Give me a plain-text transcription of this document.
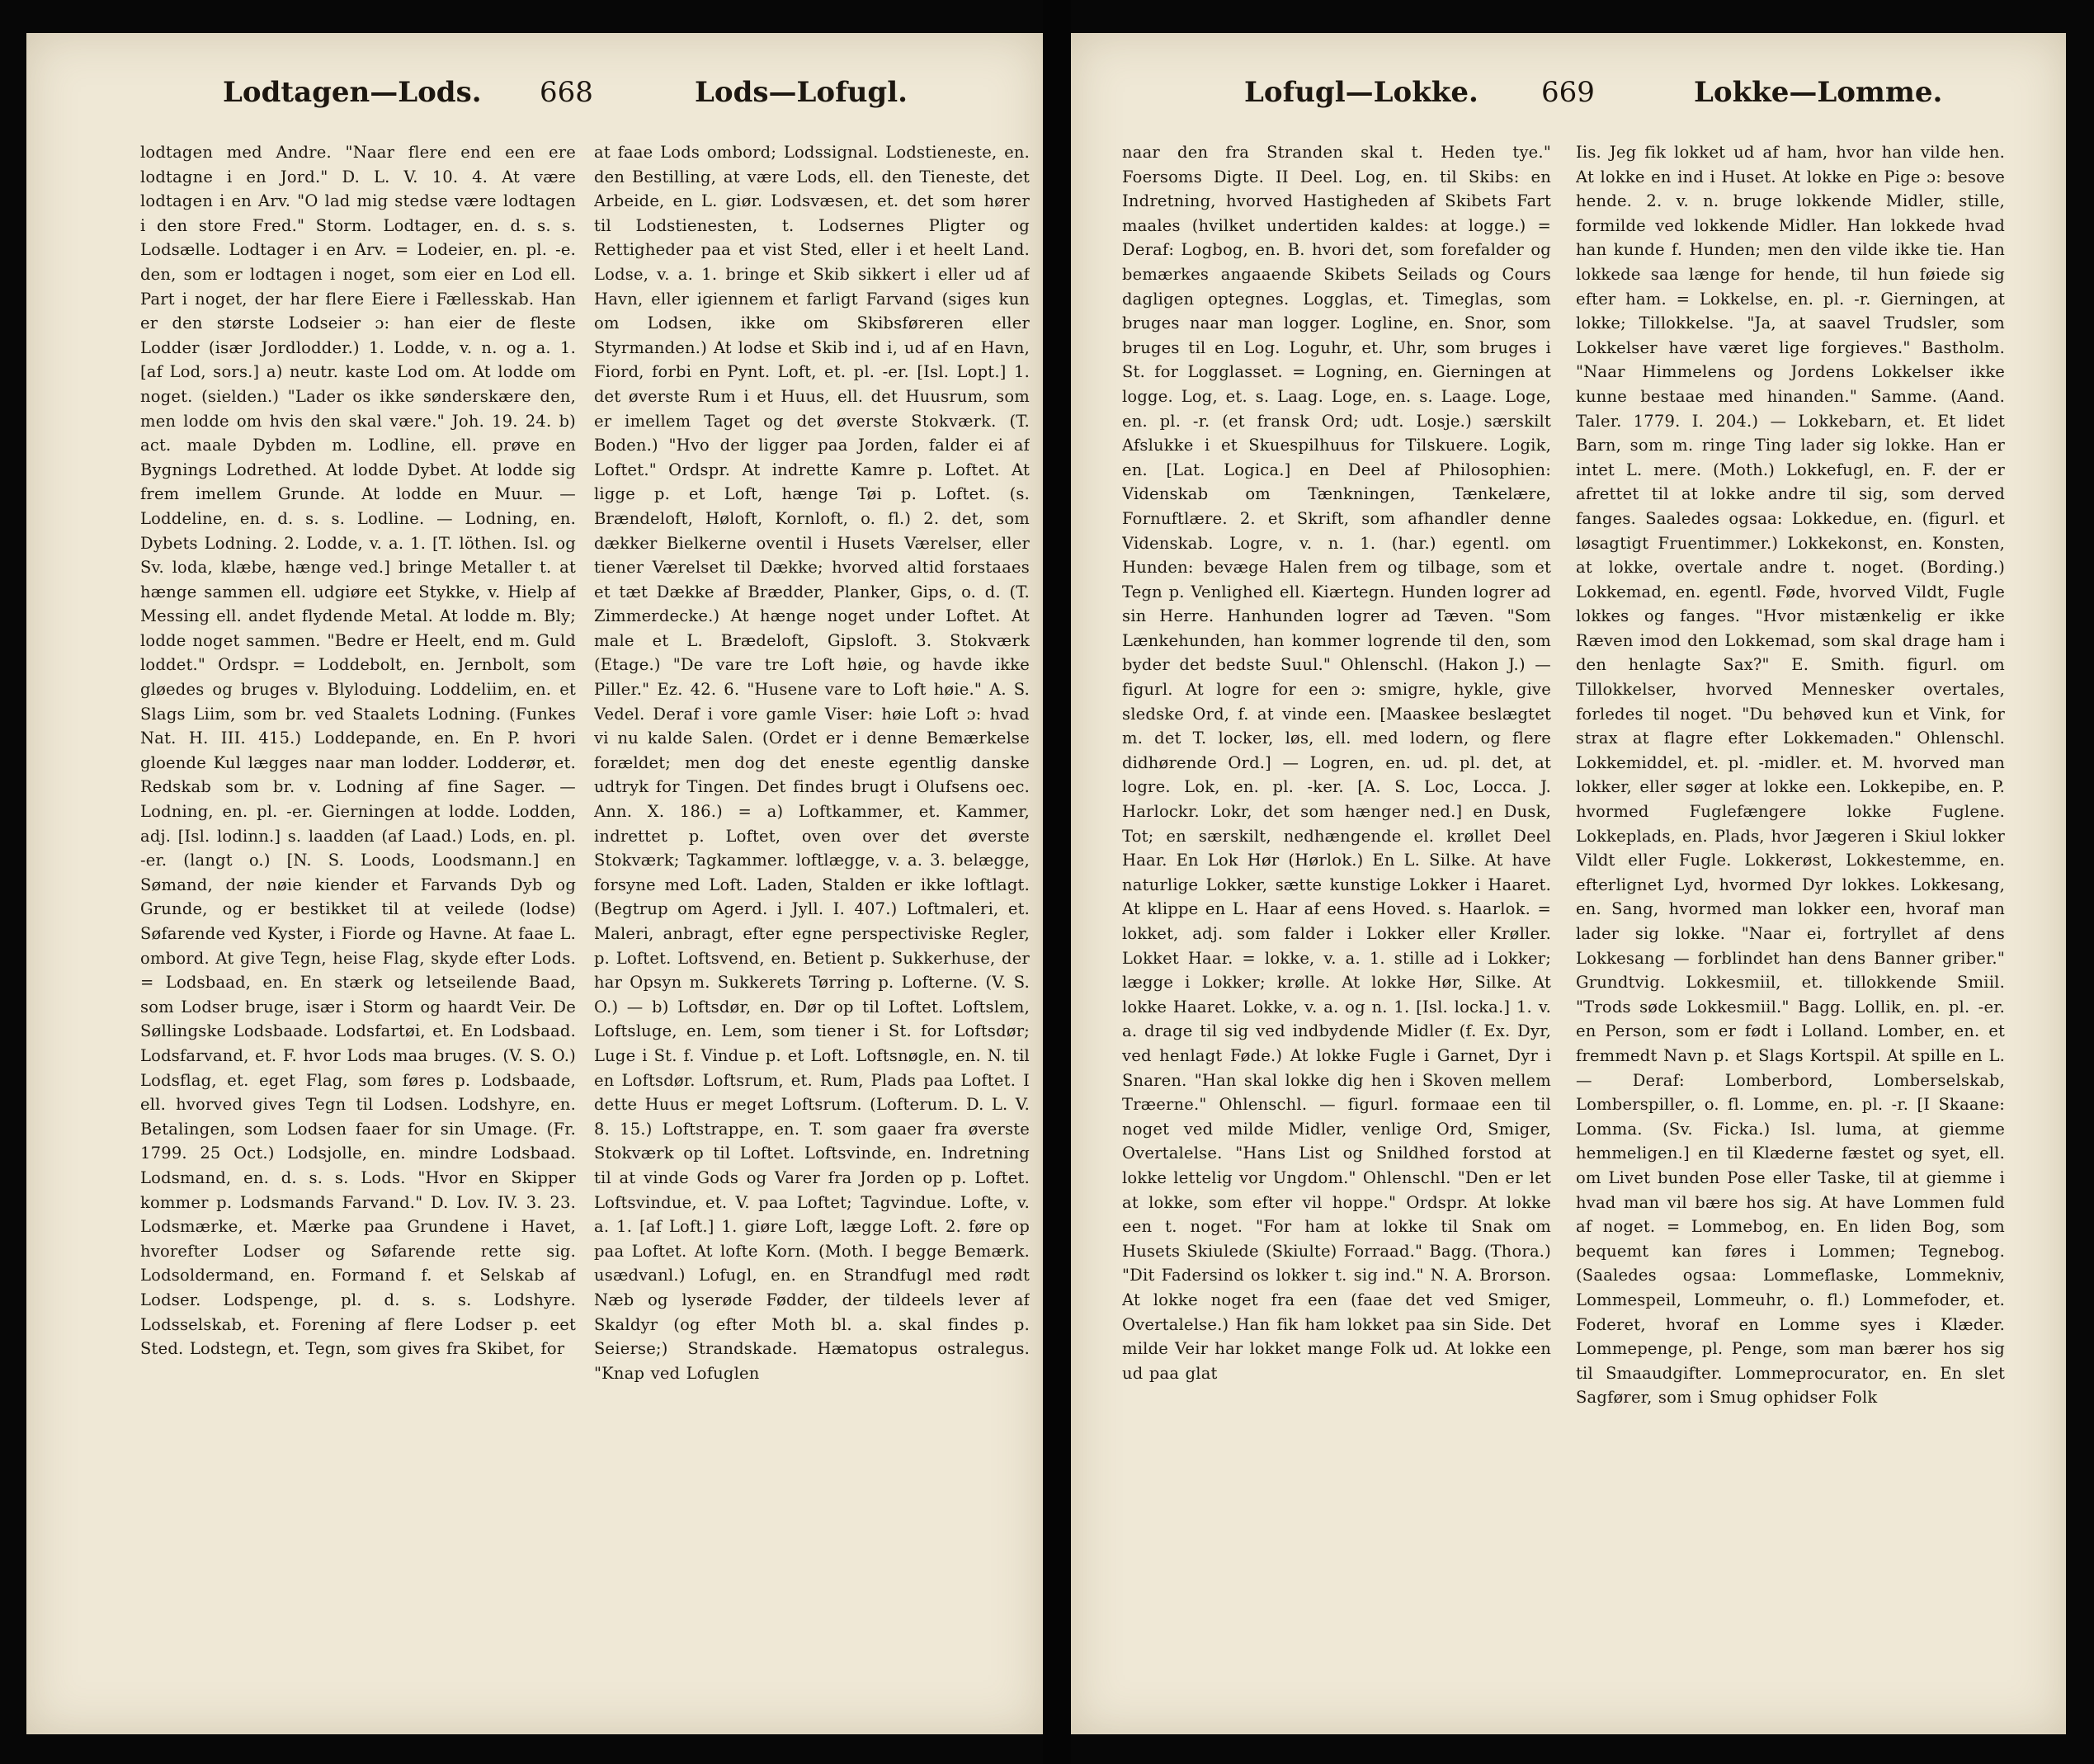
Lodtagen—Lods. 668	Lods—Lofugl.

lodtagen med Andre. "Naar flere end een ere lodtagne i en Jord." D. L. V. 10. 4. At være lodtagen i en Arv. "O lad mig stedse være lodtagen i den store Fred." Storm. Lodtager, en. d. s. s. Lodsælle. Lodtager i en Arv. = Lodeier, en. pl. -e. den, som er lodtagen i noget, som eier en Lod ell. Part i noget, der har flere Eiere i Fællesskab. Han er den største Lodseier ɔ: han eier de fleste Lodder (især Jordlodder.) 1. Lodde, v. n. og a. 1. [af Lod, sors.] a) neutr. kaste Lod om. At lodde om noget. (sielden.) "Lader os ikke sønderskære den, men lodde om hvis den skal være." Joh. 19. 24. b) act. maale Dybden m. Lodline, ell. prøve en Bygnings Lodrethed. At lodde Dybet. At lodde sig frem imellem Grunde. At lodde en Muur. — Loddeline, en. d. s. s. Lodline. — Lodning, en. Dybets Lodning. 2. Lodde, v. a. 1. [T. löthen. Isl. og Sv. loda, klæbe, hænge ved.] bringe Metaller t. at hænge sammen ell. udgiøre eet Stykke, v. Hielp af Messing ell. andet flydende Metal. At lodde m. Bly; lodde noget sammen. "Bedre er Heelt, end m. Guld loddet." Ordspr. = Loddebolt, en. Jernbolt, som gløedes og bruges v. Blyloduing. Loddeliim, en. et Slags Liim, som br. ved Staalets Lodning. (Funkes Nat. H. III. 415.) Loddepande, en. En P. hvori gloende Kul lægges naar man lodder. Lodderør, et. Redskab som br. v. Lodning af fine Sager. — Lodning, en. pl. -er. Gierningen at lodde. Lodden, adj. [Isl. lodinn.] s. laadden (af Laad.) Lods, en. pl. -er. (langt o.) [N. S. Loods, Loodsmann.] en Sømand, der nøie kiender et Farvands Dyb og Grunde, og er bestikket til at veilede (lodse) Søfarende ved Kyster, i Fiorde og Havne. At faae L. ombord. At give Tegn, heise Flag, skyde efter Lods. = Lodsbaad, en. En stærk og letseilende Baad, som Lodser bruge, især i Storm og haardt Veir. De Søllingske Lodsbaade. Lodsfartøi, et. En Lodsbaad. Lodsfarvand, et. F. hvor Lods maa bruges. (V. S. O.) Lodsflag, et. eget Flag, som føres p. Lodsbaade, ell. hvorved gives Tegn til Lodsen. Lodshyre, en. Betalingen, som Lodsen faaer for sin Umage. (Fr. 1799. 25 Oct.) Lodsjolle, en. mindre Lodsbaad. Lodsmand, en. d. s. s. Lods. "Hvor en Skipper kommer p. Lodsmands Farvand." D. Lov. IV. 3. 23. Lodsmærke, et. Mærke paa Grundene i Havet, hvorefter Lodser og Søfarende rette sig. Lodsoldermand, en. Formand f. et Selskab af Lodser. Lodspenge, pl. d. s. s. Lodshyre. Lodsselskab, et. Forening af flere Lodser p. eet Sted. Lodstegn, et. Tegn, som gives fra Skibet, for

at faae Lods ombord; Lodssignal. Lodstieneste, en. den Bestilling, at være Lods, ell. den Tieneste, det Arbeide, en L. giør. Lodsvæsen, et. det som hører til Lodstienesten, t. Lodsernes Pligter og Rettigheder paa et vist Sted, eller i et heelt Land. Lodse, v. a. 1. bringe et Skib sikkert i eller ud af Havn, eller igiennem et farligt Farvand (siges kun om Lodsen, ikke om Skibsføreren eller Styrmanden.) At lodse et Skib ind i, ud af en Havn, Fiord, forbi en Pynt. Loft, et. pl. -er. [Isl. Lopt.] 1. det øverste Rum i et Huus, ell. det Huusrum, som er imellem Taget og det øverste Stokværk. (T. Boden.) "Hvo der ligger paa Jorden, falder ei af Loftet." Ordspr. At indrette Kamre p. Loftet. At ligge p. et Loft, hænge Tøi p. Loftet. (s. Brændeloft, Høloft, Kornloft, o. fl.) 2. det, som dækker Bielkerne oventil i Husets Værelser, eller tiener Værelset til Dække; hvorved altid forstaaes et tæt Dække af Brædder, Planker, Gips, o. d. (T. Zimmerdecke.) At hænge noget under Loftet. At male et L. Brædeloft, Gipsloft. 3. Stokværk (Etage.) "De vare tre Loft høie, og havde ikke Piller." Ez. 42. 6. "Husene vare to Loft høie." A. S. Vedel. Deraf i vore gamle Viser: høie Loft ɔ: hvad vi nu kalde Salen. (Ordet er i denne Bemærkelse forældet; men dog det eneste egentlig danske udtryk for Tingen. Det findes brugt i Olufsens oec. Ann. X. 186.) = a) Loftkammer, et. Kammer, indrettet p. Loftet, oven over det øverste Stokværk; Tagkammer. loftlægge, v. a. 3. belægge, forsyne med Loft. Laden, Stalden er ikke loftlagt. (Begtrup om Agerd. i Jyll. I. 407.) Loftmaleri, et. Maleri, anbragt, efter egne perspectiviske Regler, p. Loftet. Loftsvend, en. Betient p. Sukkerhuse, der har Opsyn m. Sukkerets Tørring p. Lofterne. (V. S. O.) — b) Loftsdør, en. Dør op til Loftet. Loftslem, Loftsluge, en. Lem, som tiener i St. for Loftsdør; Luge i St. f. Vindue p. et Loft. Loftsnøgle, en. N. til en Loftsdør. Loftsrum, et. Rum, Plads paa Loftet. I dette Huus er meget Loftsrum. (Lofterum. D. L. V. 8. 15.) Loftstrappe, en. T. som gaaer fra øverste Stokværk op til Loftet. Loftsvinde, en. Indretning til at vinde Gods og Varer fra Jorden op p. Loftet. Loftsvindue, et. V. paa Loftet; Tagvindue. Lofte, v. a. 1. [af Loft.] 1. giøre Loft, lægge Loft. 2. føre op paa Loftet. At lofte Korn. (Moth. I begge Bemærk. usædvanl.) Lofugl, en. en Strandfugl med rødt Næb og lyserøde Fødder, der tildeels lever af Skaldyr (og efter Moth bl. a. skal findes p. Seierse;) Strandskade. Hæmatopus ostralegus. "Knap ved Lofuglen

Lofugl—Lokke. 669	Lokke—Lomme.

naar den fra Stranden skal t. Heden tye." Foersoms Digte. II Deel. Log, en. til Skibs: en Indretning, hvorved Hastigheden af Skibets Fart maales (hvilket undertiden kaldes: at logge.) = Deraf: Logbog, en. B. hvori det, som forefalder og bemærkes angaaende Skibets Seilads og Cours dagligen optegnes. Logglas, et. Timeglas, som bruges naar man logger. Logline, en. Snor, som bruges til en Log. Loguhr, et. Uhr, som bruges i St. for Logglasset. = Logning, en. Gierningen at logge. Log, et. s. Laag. Loge, en. s. Laage. Loge, en. pl. -r. (et fransk Ord; udt. Losje.) særskilt Afslukke i et Skuespilhuus for Tilskuere. Logik, en. [Lat. Logica.] en Deel af Philosophien: Videnskab om Tænkningen, Tænkelære, Fornuftlære. 2. et Skrift, som afhandler denne Videnskab. Logre, v. n. 1. (har.) egentl. om Hunden: bevæge Halen frem og tilbage, som et Tegn p. Venlighed ell. Kiærtegn. Hunden logrer ad sin Herre. Hanhunden logrer ad Tæven. "Som Lænkehunden, han kommer logrende til den, som byder det bedste Suul." Ohlenschl. (Hakon J.) — figurl. At logre for een ɔ: smigre, hykle, give sledske Ord, f. at vinde een. [Maaskee beslægtet m. det T. locker, løs, ell. med lodern, og flere didhørende Ord.] — Logren, en. ud. pl. det, at logre. Lok, en. pl. -ker. [A. S. Loc, Locca. J. Harlockr. Lokr, det som hænger ned.] en Dusk, Tot; en særskilt, nedhængende el. krøllet Deel Haar. En Lok Hør (Hørlok.) En L. Silke. At have naturlige Lokker, sætte kunstige Lokker i Haaret. At klippe en L. Haar af eens Hoved. s. Haarlok. = lokket, adj. som falder i Lokker eller Krøller. Lokket Haar. = lokke, v. a. 1. stille ad i Lokker; lægge i Lokker; krølle. At lokke Hør, Silke. At lokke Haaret. Lokke, v. a. og n. 1. [Isl. locka.] 1. v. a. drage til sig ved indbydende Midler (f. Ex. Dyr, ved henlagt Føde.) At lokke Fugle i Garnet, Dyr i Snaren. "Han skal lokke dig hen i Skoven mellem Træerne." Ohlenschl. — figurl. formaae een til noget ved milde Midler, venlige Ord, Smiger, Overtalelse. "Hans List og Snildhed forstod at lokke lettelig vor Ungdom." Ohlenschl. "Den er let at lokke, som efter vil hoppe." Ordspr. At lokke een t. noget. "For ham at lokke til Snak om Husets Skiulede (Skiulte) Forraad." Bagg. (Thora.) "Dit Fadersind os lokker t. sig ind." N. A. Brorson. At lokke noget fra een (faae det ved Smiger, Overtalelse.) Han fik ham lokket paa sin Side. Det milde Veir har lokket mange Folk ud. At lokke een ud paa glat

Iis. Jeg fik lokket ud af ham, hvor han vilde hen. At lokke en ind i Huset. At lokke en Pige ɔ: besove hende. 2. v. n. bruge lokkende Midler, stille, formilde ved lokkende Midler. Han lokkede hvad han kunde f. Hunden; men den vilde ikke tie. Han lokkede saa længe for hende, til hun føiede sig efter ham. = Lokkelse, en. pl. -r. Gierningen, at lokke; Tillokkelse. "Ja, at saavel Trudsler, som Lokkelser have været lige forgieves." Bastholm. "Naar Himmelens og Jordens Lokkelser ikke kunne bestaae med hinanden." Samme. (Aand. Taler. 1779. I. 204.) — Lokkebarn, et. Et lidet Barn, som m. ringe Ting lader sig lokke. Han er intet L. mere. (Moth.) Lokkefugl, en. F. der er afrettet til at lokke andre til sig, som derved fanges. Saaledes ogsaa: Lokkedue, en. (figurl. et løsagtigt Fruentimmer.) Lokkekonst, en. Konsten, at lokke, overtale andre t. noget. (Bording.) Lokkemad, en. egentl. Føde, hvorved Vildt, Fugle lokkes og fanges. "Hvor mistænkelig er ikke Ræven imod den Lokkemad, som skal drage ham i den henlagte Sax?" E. Smith. figurl. om Tillokkelser, hvorved Mennesker overtales, forledes til noget. "Du behøved kun et Vink, for strax at flagre efter Lokkemaden." Ohlenschl. Lokkemiddel, et. pl. -midler. et. M. hvorved man lokker, eller søger at lokke een. Lokkepibe, en. P. hvormed Fuglefængere lokke Fuglene. Lokkeplads, en. Plads, hvor Jægeren i Skiul lokker Vildt eller Fugle. Lokkerøst, Lokkestemme, en. efterlignet Lyd, hvormed Dyr lokkes. Lokkesang, en. Sang, hvormed man lokker een, hvoraf man lader sig lokke. "Naar ei, fortryllet af dens Lokkesang — forblindet han dens Banner griber." Grundtvig. Lokkesmiil, et. tillokkende Smiil. "Trods søde Lokkesmiil." Bagg. Lollik, en. pl. -er. en Person, som er født i Lolland. Lomber, en. et fremmedt Navn p. et Slags Kortspil. At spille en L. — Deraf: Lomberbord, Lomberselskab, Lomberspiller, o. fl. Lomme, en. pl. -r. [I Skaane: Lomma. (Sv. Ficka.) Isl. luma, at giemme hemmeligen.] en til Klæderne fæstet og syet, ell. om Livet bunden Pose eller Taske, til at giemme i hvad man vil bære hos sig. At have Lommen fuld af noget. = Lommebog, en. En liden Bog, som bequemt kan føres i Lommen; Tegnebog. (Saaledes ogsaa: Lommeflaske, Lommekniv, Lommespeil, Lommeuhr, o. fl.) Lommefoder, et. Foderet, hvoraf en Lomme syes i Klæder. Lommepenge, pl. Penge, som man bærer hos sig til Smaaudgifter. Lommeprocurator, en. En slet Sagfører, som i Smug ophidser Folk
